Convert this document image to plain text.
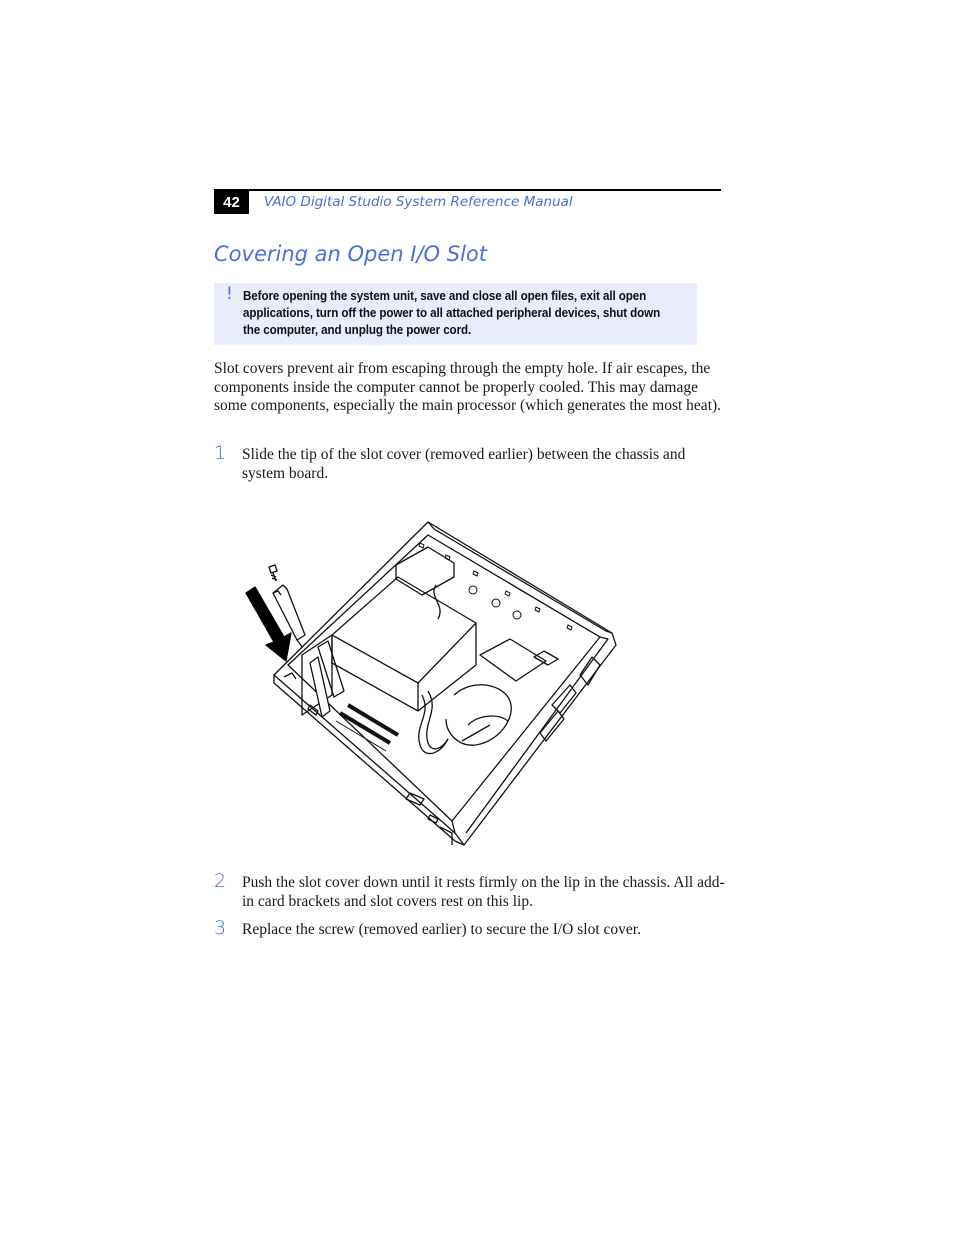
42	VAIO Digital Studio System Reference Manual
Covering an Open I/O Slot
! Before opening the system unit, save and close all open files, exit all open applications, turn off the power to all attached peripheral devices, shut down the computer, and unplug the power cord.

Slot covers prevent air from escaping through the empty hole. If air escapes, the components inside the computer cannot be properly cooled. This may damage some components, especially the main processor (which generates the most heat).

1 Slide the tip of the slot cover (removed earlier) between the chassis and system board.
2 Push the slot cover down until it rests firmly on the lip in the chassis. All add-in card brackets and slot covers rest on this lip.
3 Replace the screw (removed earlier) to secure the I/O slot cover.
